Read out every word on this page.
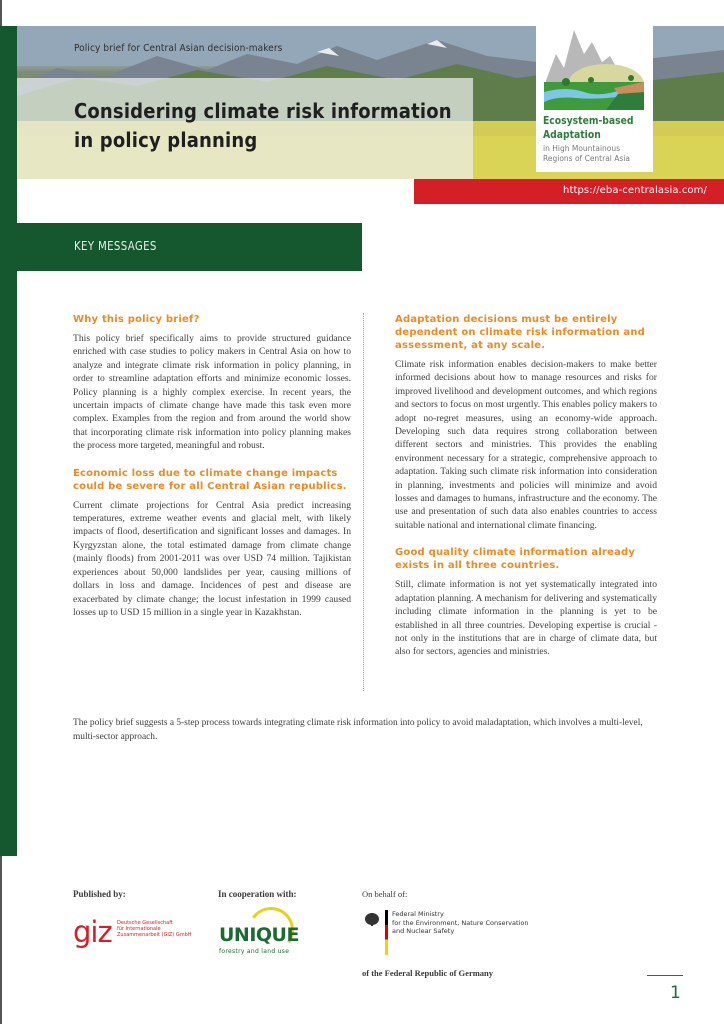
Policy brief for Central Asian decision-makers
Considering climate risk information in policy planning
Ecosystem-based
Adaptation
in High Mountainous
Regions of Central Asia
https://eba-centralasia.com/
KEY MESSAGES
Why this policy brief?

This policy brief specifically aims to provide structured guidance enriched with case studies to policy makers in Central Asia on how to analyze and integrate climate risk information in policy planning, in order to streamline adaptation efforts and minimize economic losses. Policy planning is a highly complex exercise. In recent years, the uncertain impacts of climate change have made this task even more complex. Examples from the region and from around the world show that incorporating climate risk information into policy planning makes the process more targeted, meaningful and robust.

Economic loss due to climate change impacts could be severe for all Central Asian republics.

Current climate projections for Central Asia predict increasing temperatures, extreme weather events and glacial melt, with likely impacts of flood, desertification and significant losses and damages. In Kyrgyzstan alone, the total estimated damage from climate change (mainly floods) from 2001-2011 was over USD 74 million. Tajikistan experiences about 50,000 landslides per year, causing millions of dollars in loss and damage. Incidences of pest and disease are exacerbated by climate change; the locust infestation in 1999 caused losses up to USD 15 million in a single year in Kazakhstan.

Adaptation decisions must be entirely dependent on climate risk information and assessment, at any scale.

Climate risk information enables decision-makers to make better informed decisions about how to manage resources and risks for improved livelihood and development outcomes, and which regions and sectors to focus on most urgently. This enables policy makers to adopt no-regret measures, using an economy-wide approach. Developing such data requires strong collaboration between different sectors and ministries. This provides the enabling environment necessary for a strategic, comprehensive approach to adaptation. Taking such climate risk information into consideration in planning, investments and policies will minimize and avoid losses and damages to humans, infrastructure and the economy. The use and presentation of such data also enables countries to access suitable national and international climate financing.

Good quality climate information already exists in all three countries.

Still, climate information is not yet systematically integrated into adaptation planning. A mechanism for delivering and systematically including climate information in the planning is yet to be established in all three countries. Developing expertise is crucial - not only in the institutions that are in charge of climate data, but also for sectors, agencies and ministries.

The policy brief suggests a 5-step process towards integrating climate risk information into policy to avoid maladaptation, which involves a multi-level, multi-sector approach.

Published by:
giz Deutsche Gesellschaft
für Internationale
Zusammenarbeit (GIZ) GmbH
In cooperation with:
UNIQUE
forestry and land use
On behalf of:
Federal Ministry
for the Environment, Nature Conservation
and Nuclear Safety
of the Federal Republic of Germany
1
